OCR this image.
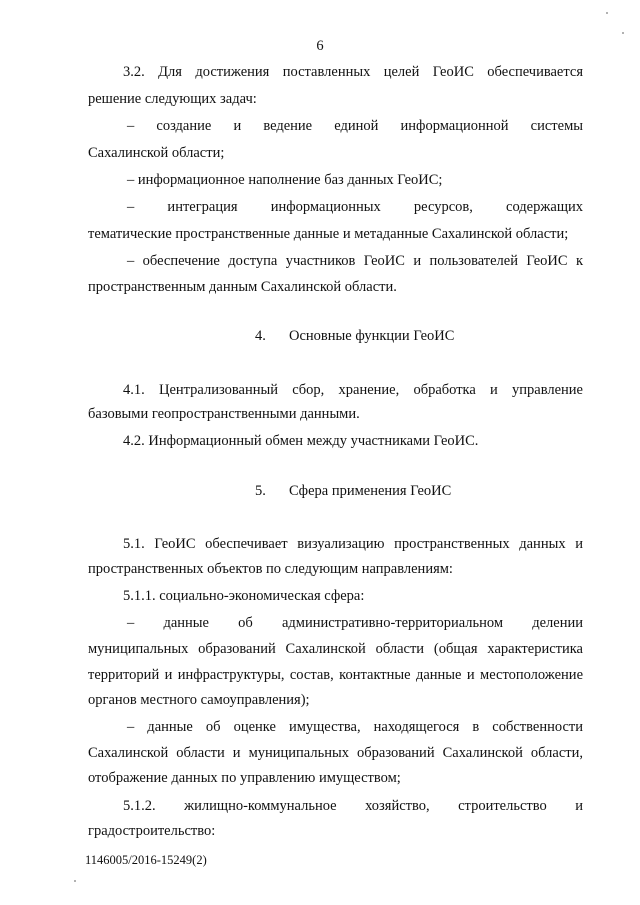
6
3.2. Для достижения поставленных целей ГеоИС обеспечивается
решение следующих задач:
– создание и ведение единой информационной системы
Сахалинской области;
– информационное наполнение баз данных ГеоИС;
– интеграция информационных ресурсов, содержащих
тематические пространственные данные и метаданные Сахалинской области;
– обеспечение доступа участников ГеоИС и пользователей ГеоИС к
пространственным данным Сахалинской области.
4. Основные функции ГеоИС
4.1. Централизованный сбор, хранение, обработка и управление
базовыми геопространственными данными.
4.2. Информационный обмен между участниками ГеоИС.
5. Сфера применения ГеоИС
5.1. ГеоИС обеспечивает визуализацию пространственных данных и
пространственных объектов по следующим направлениям:
5.1.1. социально-экономическая сфера:
– данные об административно-территориальном делении
муниципальных образований Сахалинской области (общая характеристика
территорий и инфраструктуры, состав, контактные данные и местоположение
органов местного самоуправления);
– данные об оценке имущества, находящегося в собственности
Сахалинской области и муниципальных образований Сахалинской области,
отображение данных по управлению имуществом;
5.1.2. жилищно-коммунальное хозяйство, строительство и
градостроительство:
1146005/2016-15249(2)
